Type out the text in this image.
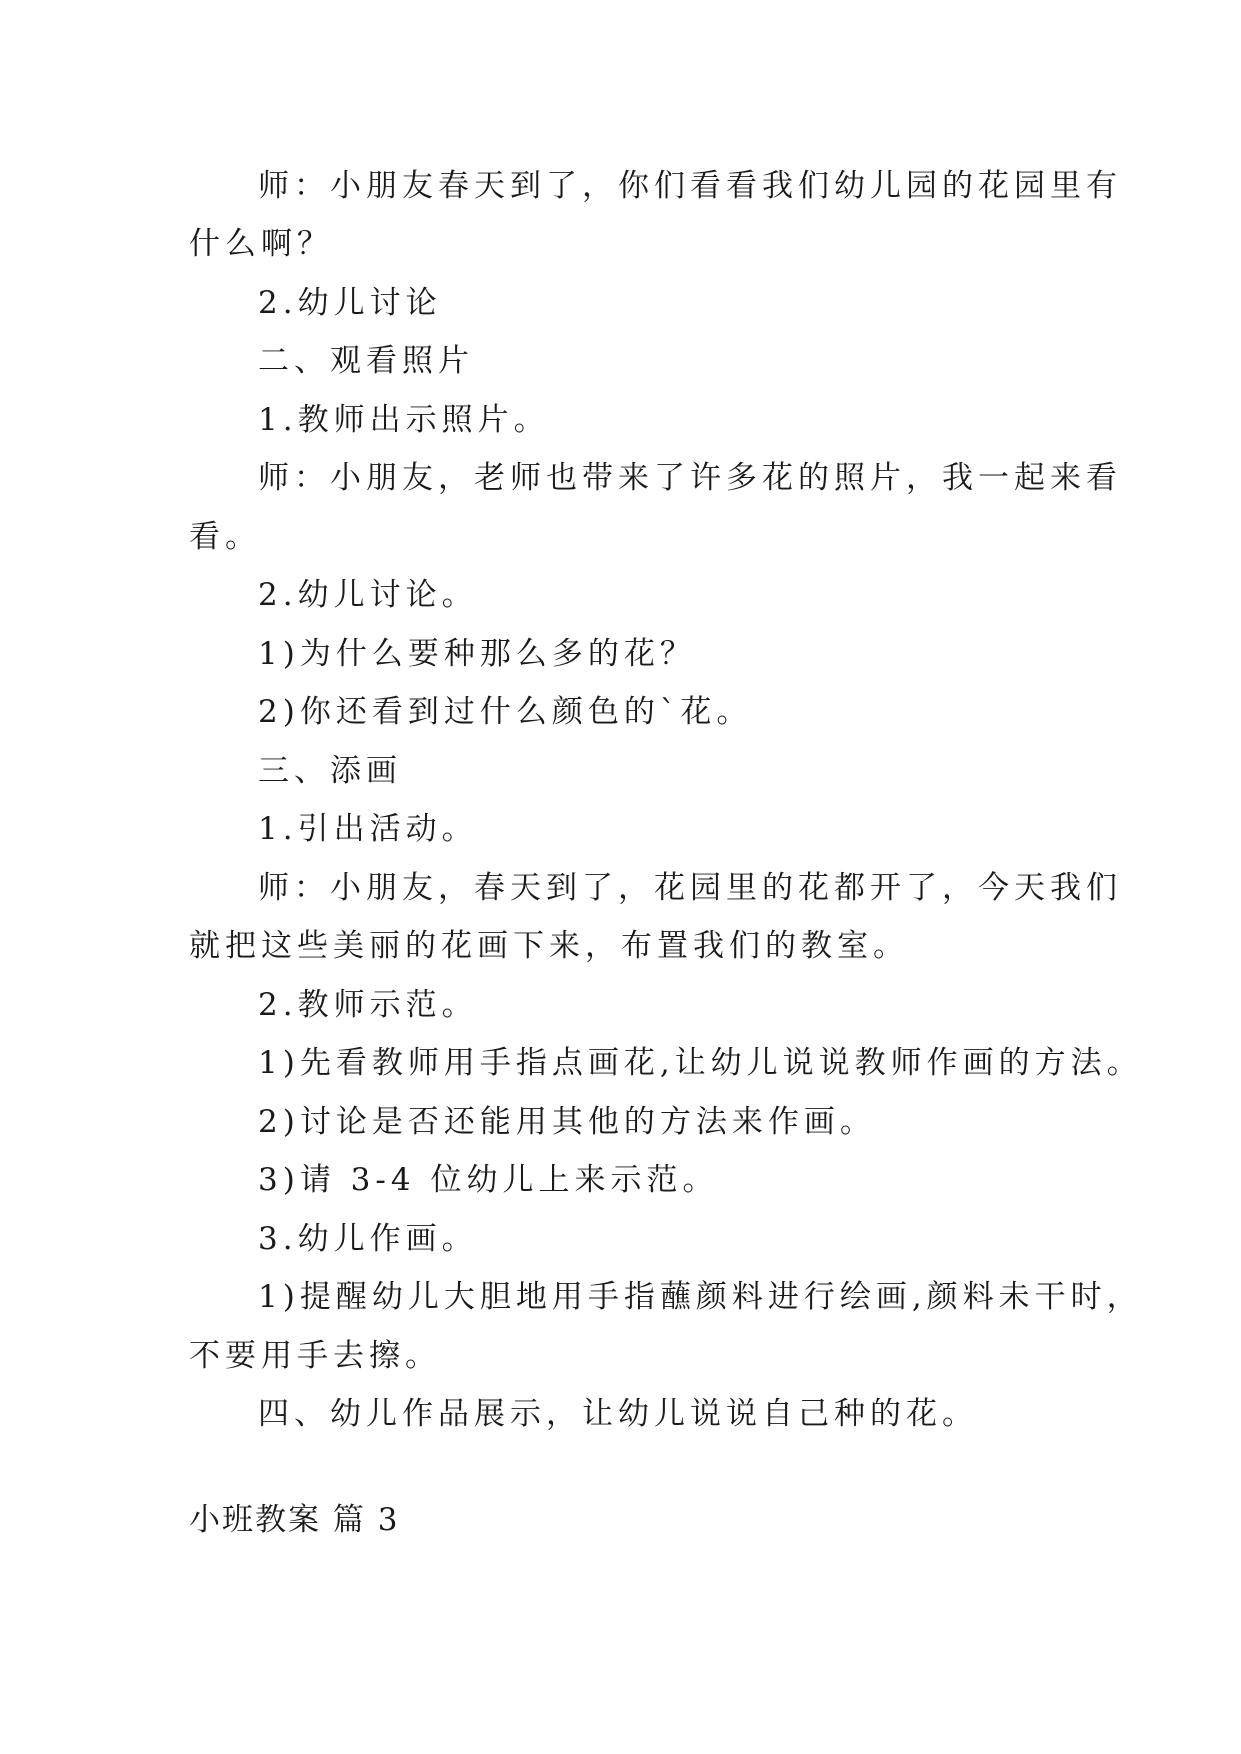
师：小朋友春天到了，你们看看我们幼儿园的花园里有
什么啊？
2.幼儿讨论
二、观看照片
1.教师出示照片。
师：小朋友，老师也带来了许多花的照片，我一起来看
看。
2.幼儿讨论。
1)为什么要种那么多的花？
2)你还看到过什么颜色的`花。
三、添画
1.引出活动。
师：小朋友，春天到了，花园里的花都开了，今天我们
就把这些美丽的花画下来，布置我们的教室。
2.教师示范。
1)先看教师用手指点画花,让幼儿说说教师作画的方法。
2)讨论是否还能用其他的方法来作画。
3)请 3-4 位幼儿上来示范。
3.幼儿作画。
1)提醒幼儿大胆地用手指蘸颜料进行绘画,颜料未干时，
不要用手去擦。
四、幼儿作品展示，让幼儿说说自己种的花。
小班教案 篇 3
